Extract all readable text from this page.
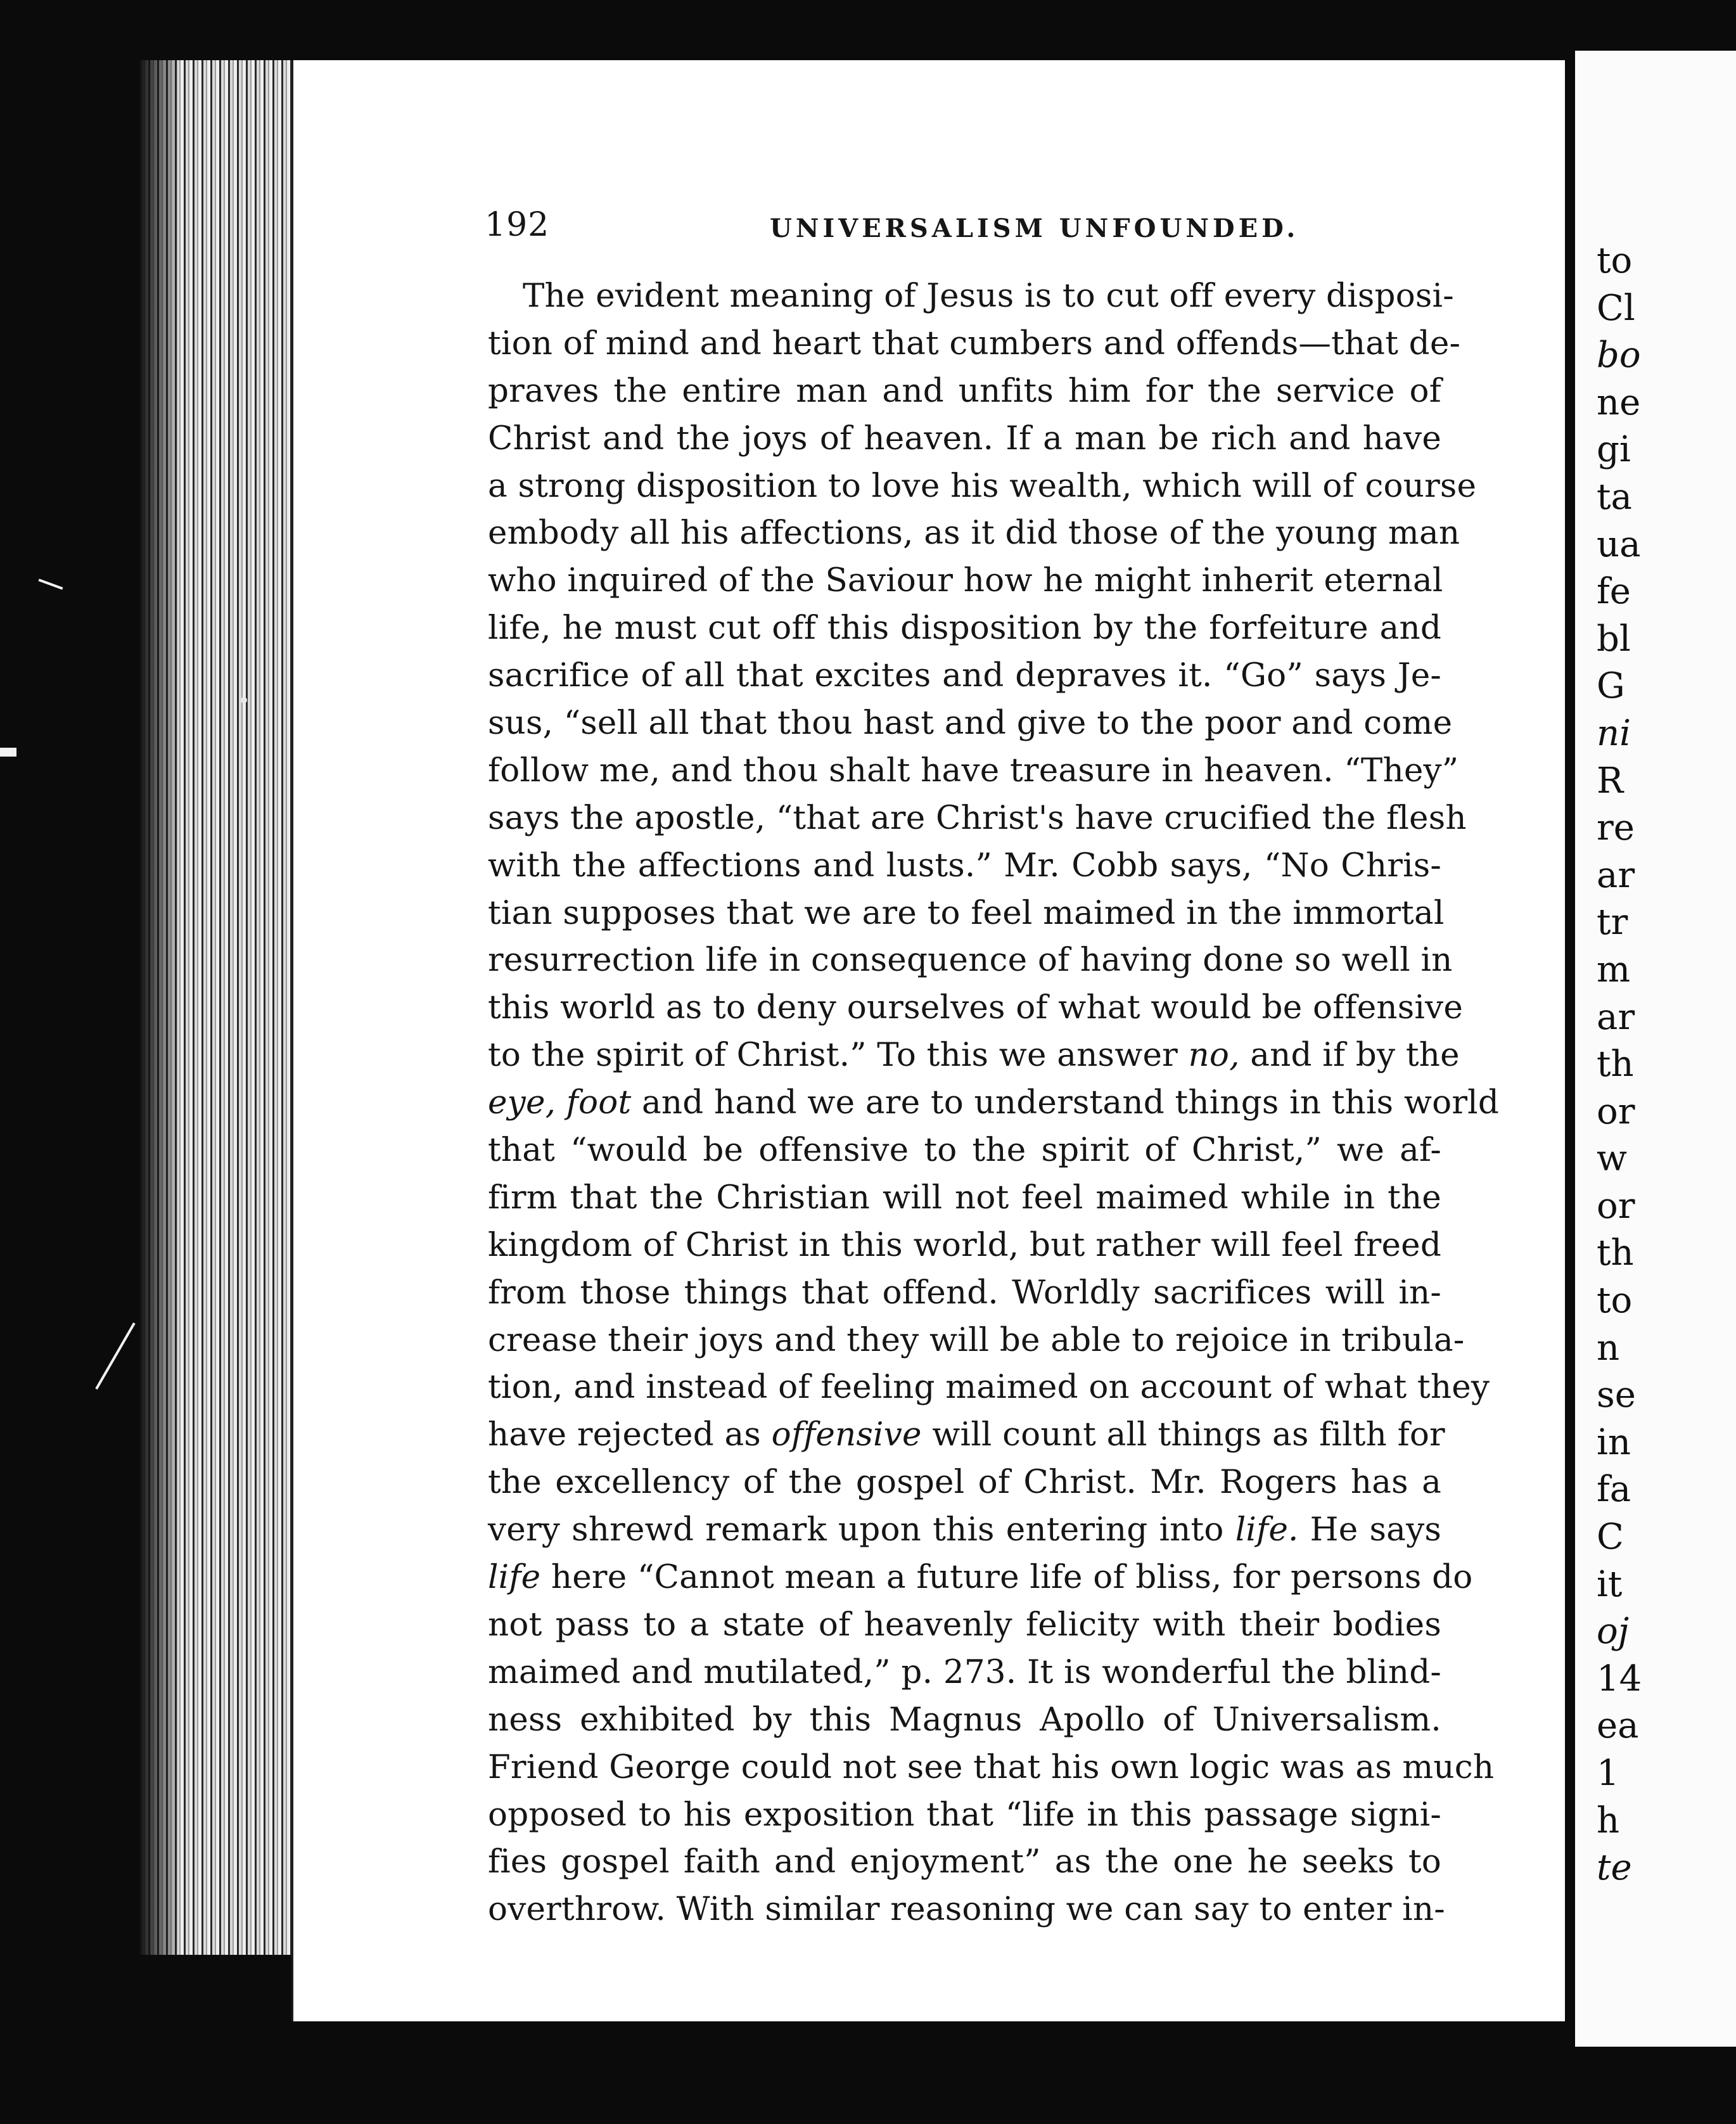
to
Cl
bo
ne
gi
ta
ua
fe
bl
G
ni
R
re
ar
tr
m
ar
th
or
w
or
th
to
n
se
in
fa
C
it
oj
14
ea
1
h
te
192	UNIVERSALISM UNFOUNDED.
The evident meaning of Jesus is to cut off every disposi-
tion of mind and heart that cumbers and offends—that de-
praves the entire man and unfits him for the service of
Christ and the joys of heaven. If a man be rich and have
a strong disposition to love his wealth, which will of course
embody all his affections, as it did those of the young man
who inquired of the Saviour how he might inherit eternal
life, he must cut off this disposition by the forfeiture and
sacrifice of all that excites and depraves it. “Go” says Je-
sus, “sell all that thou hast and give to the poor and come
follow me, and thou shalt have treasure in heaven. “They”
says the apostle, “that are Christ's have crucified the flesh
with the affections and lusts.” Mr. Cobb says, “No Chris-
tian supposes that we are to feel maimed in the immortal
resurrection life in consequence of having done so well in
this world as to deny ourselves of what would be offensive
to the spirit of Christ.” To this we answer no, and if by the
eye, foot and hand we are to understand things in this world
that “would be offensive to the spirit of Christ,” we af-
firm that the Christian will not feel maimed while in the
kingdom of Christ in this world, but rather will feel freed
from those things that offend. Worldly sacrifices will in-
crease their joys and they will be able to rejoice in tribula-
tion, and instead of feeling maimed on account of what they
have rejected as offensive will count all things as filth for
the excellency of the gospel of Christ. Mr. Rogers has a
very shrewd remark upon this entering into life. He says
life here “Cannot mean a future life of bliss, for persons do
not pass to a state of heavenly felicity with their bodies
maimed and mutilated,” p. 273. It is wonderful the blind-
ness exhibited by this Magnus Apollo of Universalism.
Friend George could not see that his own logic was as much
opposed to his exposition that “life in this passage signi-
fies gospel faith and enjoyment” as the one he seeks to
overthrow. With similar reasoning we can say to enter in-
